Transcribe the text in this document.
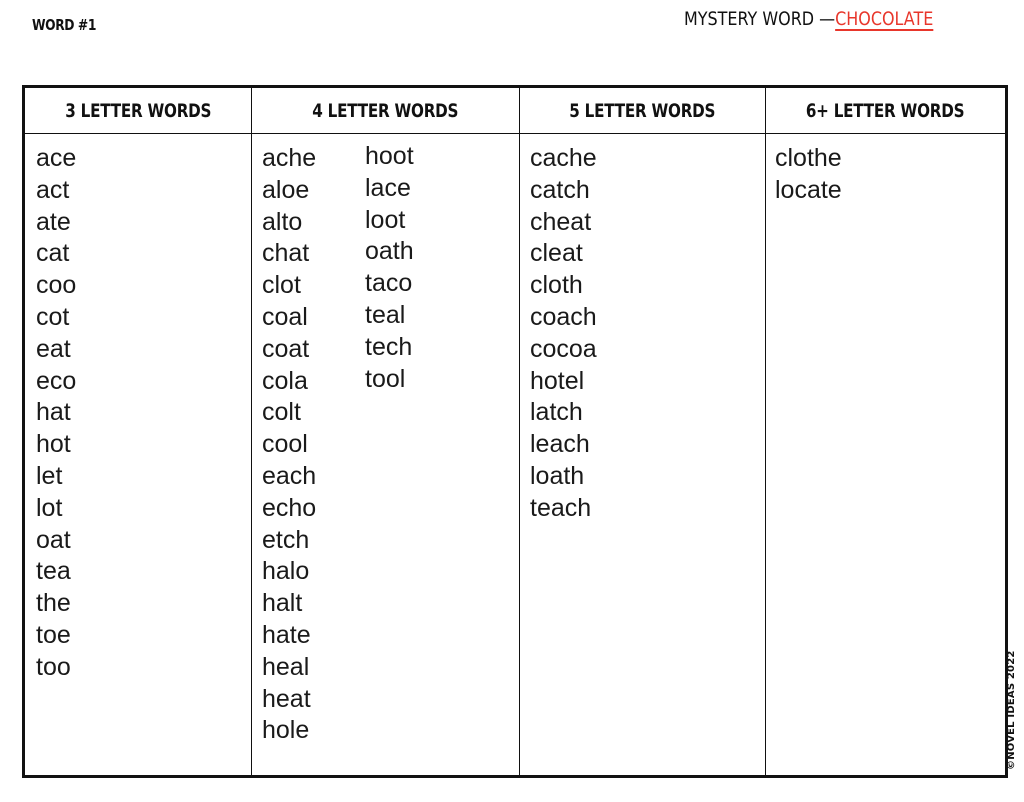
WORD #1	MYSTERY WORD —CHOCOLATE
3 LETTER WORDS
ace
act
ate
cat
coo
cot
eat
eco
hat
hot
let
lot
oat
tea
the
toe
too
4 LETTER WORDS
ache
aloe
alto
chat
clot
coal
coat
cola
colt
cool
each
echo
etch
halo
halt
hate
heal
heat
hole
hoot
lace
loot
oath
taco
teal
tech
tool
5 LETTER WORDS
cache
catch
cheat
cleat
cloth
coach
cocoa
hotel
latch
leach
loath
teach
6+ LETTER WORDS
clothe
locate
©NOVEL IDEAS 2022
